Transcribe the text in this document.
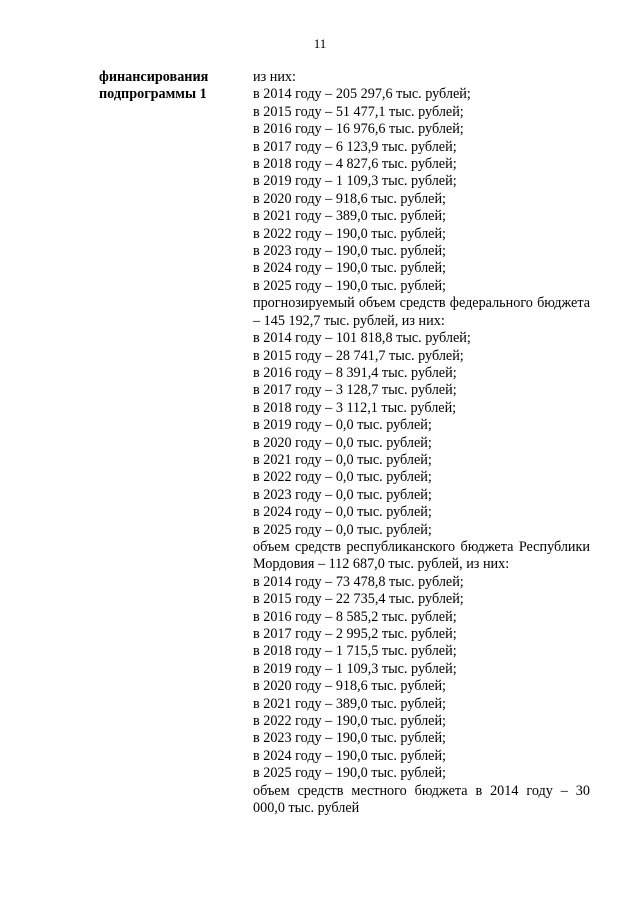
11
финансирования
подпрограммы 1
из них:
в 2014 году – 205 297,6 тыс. рублей;
в 2015 году – 51 477,1 тыс. рублей;
в 2016 году – 16 976,6 тыс. рублей;
в 2017 году – 6 123,9 тыс. рублей;
в 2018 году – 4 827,6 тыс. рублей;
в 2019 году – 1 109,3 тыс. рублей;
в 2020 году – 918,6 тыс. рублей;
в 2021 году – 389,0 тыс. рублей;
в 2022 году – 190,0 тыс. рублей;
в 2023 году – 190,0 тыс. рублей;
в 2024 году – 190,0 тыс. рублей;
в 2025 году – 190,0 тыс. рублей;
прогнозируемый объем средств федерального бюджета – 145 192,7 тыс. рублей, из них:
в 2014 году – 101 818,8 тыс. рублей;
в 2015 году – 28 741,7 тыс. рублей;
в 2016 году – 8 391,4 тыс. рублей;
в 2017 году – 3 128,7 тыс. рублей;
в 2018 году – 3 112,1 тыс. рублей;
в 2019 году – 0,0 тыс. рублей;
в 2020 году – 0,0 тыс. рублей;
в 2021 году – 0,0 тыс. рублей;
в 2022 году – 0,0 тыс. рублей;
в 2023 году – 0,0 тыс. рублей;
в 2024 году – 0,0 тыс. рублей;
в 2025 году – 0,0 тыс. рублей;
объем средств республиканского бюджета Республики Мордовия – 112 687,0 тыс. рублей, из них:
в 2014 году – 73 478,8 тыс. рублей;
в 2015 году – 22 735,4 тыс. рублей;
в 2016 году – 8 585,2 тыс. рублей;
в 2017 году – 2 995,2 тыс. рублей;
в 2018 году – 1 715,5 тыс. рублей;
в 2019 году – 1 109,3 тыс. рублей;
в 2020 году – 918,6 тыс. рублей;
в 2021 году – 389,0 тыс. рублей;
в 2022 году – 190,0 тыс. рублей;
в 2023 году – 190,0 тыс. рублей;
в 2024 году – 190,0 тыс. рублей;
в 2025 году – 190,0 тыс. рублей;
объем средств местного бюджета в 2014 году – 30 000,0 тыс. рублей
